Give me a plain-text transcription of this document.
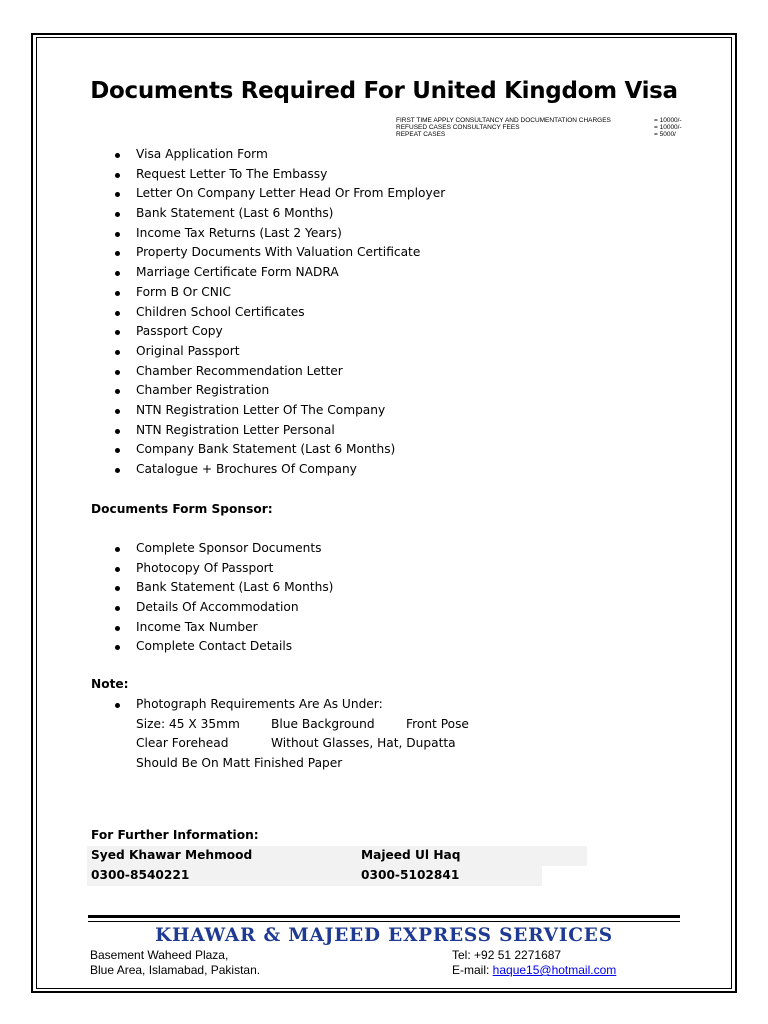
Documents Required For United Kingdom Visa
FIRST TIME APPLY CONSULTANCY AND DOCUMENTATION CHARGES	= 10000/-
REFUSED CASES CONSULTANCY FEES	= 10000/-
REPEAT CASES	= 5000/
Visa Application Form
Request Letter To The Embassy
Letter On Company Letter Head Or From Employer
Bank Statement (Last 6 Months)
Income Tax Returns (Last 2 Years)
Property Documents With Valuation Certificate
Marriage Certificate Form NADRA
Form B Or CNIC
Children School Certificates
Passport Copy
Original Passport
Chamber Recommendation Letter
Chamber Registration
NTN Registration Letter Of The Company
NTN Registration Letter Personal
Company Bank Statement (Last 6 Months)
Catalogue + Brochures Of Company
Documents Form Sponsor:
Complete Sponsor Documents
Photocopy Of Passport
Bank Statement (Last 6 Months)
Details Of Accommodation
Income Tax Number
Complete Contact Details
Note:
Photograph Requirements Are As Under:
Size: 45 X 35mm	Blue Background	Front Pose
Clear Forehead	Without Glasses, Hat, Dupatta
Should Be On Matt Finished Paper
For Further Information:
Syed Khawar Mehmood	Majeed Ul Haq
0300-8540221	0300-5102841
KHAWAR & MAJEED EXPRESS SERVICES
Basement Waheed Plaza,
Blue Area, Islamabad, Pakistan.
Tel: +92 51 2271687
E-mail: haque15@hotmail.com
